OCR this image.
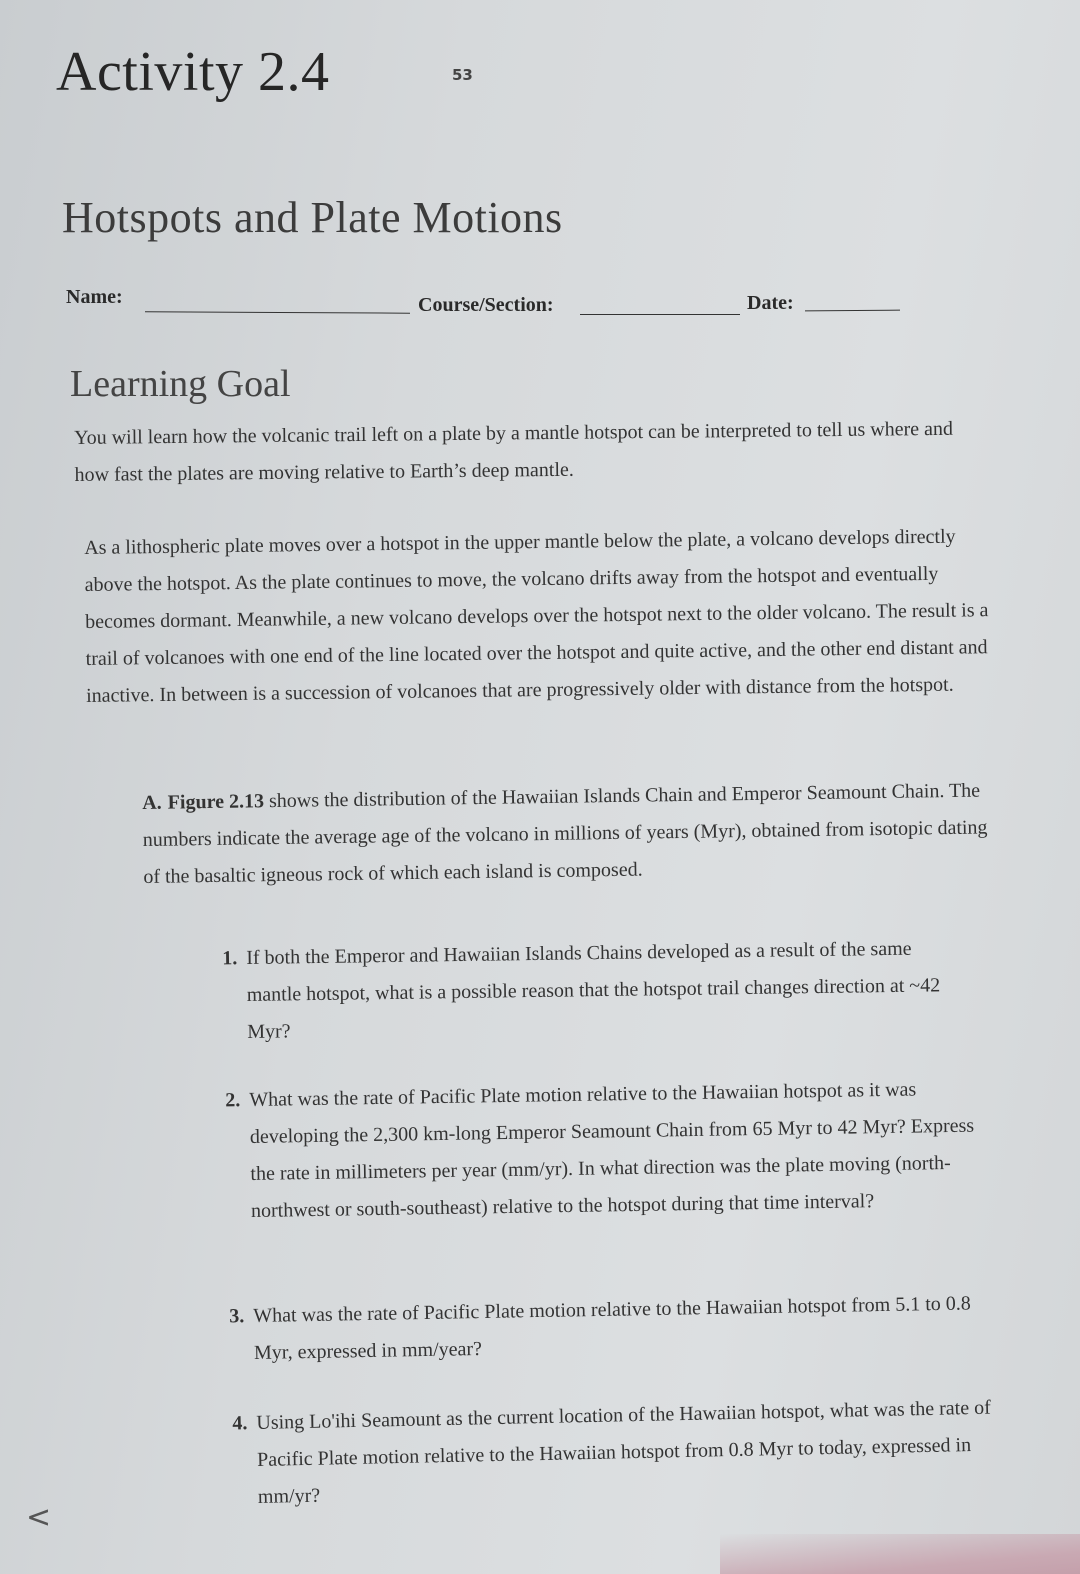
Activity 2.4	53
Hotspots and Plate Motions
Name:	Course/Section:	Date:
Learning Goal
You will learn how the volcanic trail left on a plate by a mantle hotspot can be interpreted to tell us where and how fast the plates are moving relative to Earth’s deep mantle.
As a lithospheric plate moves over a hotspot in the upper mantle below the plate, a volcano develops directly above the hotspot. As the plate continues to move, the volcano drifts away from the hotspot and eventually becomes dormant. Meanwhile, a new volcano develops over the hotspot next to the older volcano. The result is a trail of volcanoes with one end of the line located over the hotspot and quite active, and the other end distant and inactive. In between is a succession of volcanoes that are progressively older with distance from the hotspot.
A. Figure 2.13 shows the distribution of the Hawaiian Islands Chain and Emperor Seamount Chain. The numbers indicate the average age of the volcano in millions of years (Myr), obtained from isotopic dating of the basaltic igneous rock of which each island is composed.
1. If both the Emperor and Hawaiian Islands Chains developed as a result of the same mantle hotspot, what is a possible reason that the hotspot trail changes direction at ~42 Myr?
2. What was the rate of Pacific Plate motion relative to the Hawaiian hotspot as it was developing the 2,300 km-long Emperor Seamount Chain from 65 Myr to 42 Myr? Express the rate in millimeters per year (mm/yr). In what direction was the plate moving (north-northwest or south-southeast) relative to the hotspot during that time interval?
3. What was the rate of Pacific Plate motion relative to the Hawaiian hotspot from 5.1 to 0.8 Myr, expressed in mm/year?
4. Using Lo'ihi Seamount as the current location of the Hawaiian hotspot, what was the rate of Pacific Plate motion relative to the Hawaiian hotspot from 0.8 Myr to today, expressed in mm/yr?
<
